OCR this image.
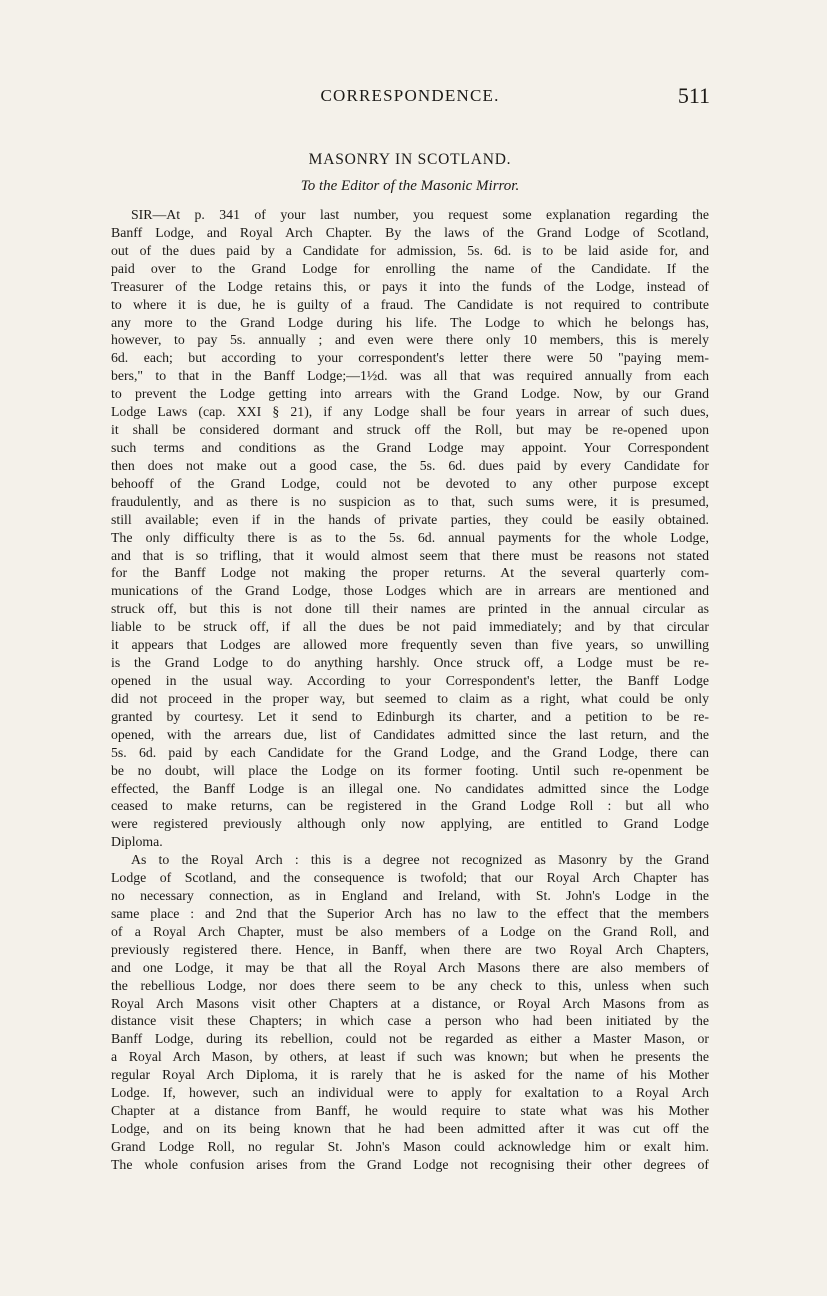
CORRESPONDENCE.	511
MASONRY IN SCOTLAND.
To the Editor of the Masonic Mirror.
SIR—At p. 341 of your last number, you request some explanation regarding the
Banff Lodge, and Royal Arch Chapter. By the laws of the Grand Lodge of Scotland,
out of the dues paid by a Candidate for admission, 5s. 6d. is to be laid aside for, and
paid over to the Grand Lodge for enrolling the name of the Candidate. If the
Treasurer of the Lodge retains this, or pays it into the funds of the Lodge, instead of
to where it is due, he is guilty of a fraud. The Candidate is not required to contribute
any more to the Grand Lodge during his life. The Lodge to which he belongs has,
however, to pay 5s. annually ; and even were there only 10 members, this is merely
6d. each; but according to your correspondent's letter there were 50 "paying mem-
bers," to that in the Banff Lodge;—1½d. was all that was required annually from each
to prevent the Lodge getting into arrears with the Grand Lodge. Now, by our Grand
Lodge Laws (cap. XXI § 21), if any Lodge shall be four years in arrear of such dues,
it shall be considered dormant and struck off the Roll, but may be re-opened upon
such terms and conditions as the Grand Lodge may appoint. Your Correspondent
then does not make out a good case, the 5s. 6d. dues paid by every Candidate for
behooff of the Grand Lodge, could not be devoted to any other purpose except
fraudulently, and as there is no suspicion as to that, such sums were, it is presumed,
still available; even if in the hands of private parties, they could be easily obtained.
The only difficulty there is as to the 5s. 6d. annual payments for the whole Lodge,
and that is so trifling, that it would almost seem that there must be reasons not stated
for the Banff Lodge not making the proper returns. At the several quarterly com-
munications of the Grand Lodge, those Lodges which are in arrears are mentioned and
struck off, but this is not done till their names are printed in the annual circular as
liable to be struck off, if all the dues be not paid immediately; and by that circular
it appears that Lodges are allowed more frequently seven than five years, so unwilling
is the Grand Lodge to do anything harshly. Once struck off, a Lodge must be re-
opened in the usual way. According to your Correspondent's letter, the Banff Lodge
did not proceed in the proper way, but seemed to claim as a right, what could be only
granted by courtesy. Let it send to Edinburgh its charter, and a petition to be re-
opened, with the arrears due, list of Candidates admitted since the last return, and the
5s. 6d. paid by each Candidate for the Grand Lodge, and the Grand Lodge, there can
be no doubt, will place the Lodge on its former footing. Until such re-openment be
effected, the Banff Lodge is an illegal one. No candidates admitted since the Lodge
ceased to make returns, can be registered in the Grand Lodge Roll : but all who
were registered previously although only now applying, are entitled to Grand Lodge
Diploma.
As to the Royal Arch : this is a degree not recognized as Masonry by the Grand
Lodge of Scotland, and the consequence is twofold; that our Royal Arch Chapter has
no necessary connection, as in England and Ireland, with St. John's Lodge in the
same place : and 2nd that the Superior Arch has no law to the effect that the members
of a Royal Arch Chapter, must be also members of a Lodge on the Grand Roll, and
previously registered there. Hence, in Banff, when there are two Royal Arch Chapters,
and one Lodge, it may be that all the Royal Arch Masons there are also members of
the rebellious Lodge, nor does there seem to be any check to this, unless when such
Royal Arch Masons visit other Chapters at a distance, or Royal Arch Masons from as
distance visit these Chapters; in which case a person who had been initiated by the
Banff Lodge, during its rebellion, could not be regarded as either a Master Mason, or
a Royal Arch Mason, by others, at least if such was known; but when he presents the
regular Royal Arch Diploma, it is rarely that he is asked for the name of his Mother
Lodge. If, however, such an individual were to apply for exaltation to a Royal Arch
Chapter at a distance from Banff, he would require to state what was his Mother
Lodge, and on its being known that he had been admitted after it was cut off the
Grand Lodge Roll, no regular St. John's Mason could acknowledge him or exalt him.
The whole confusion arises from the Grand Lodge not recognising their other degrees of
